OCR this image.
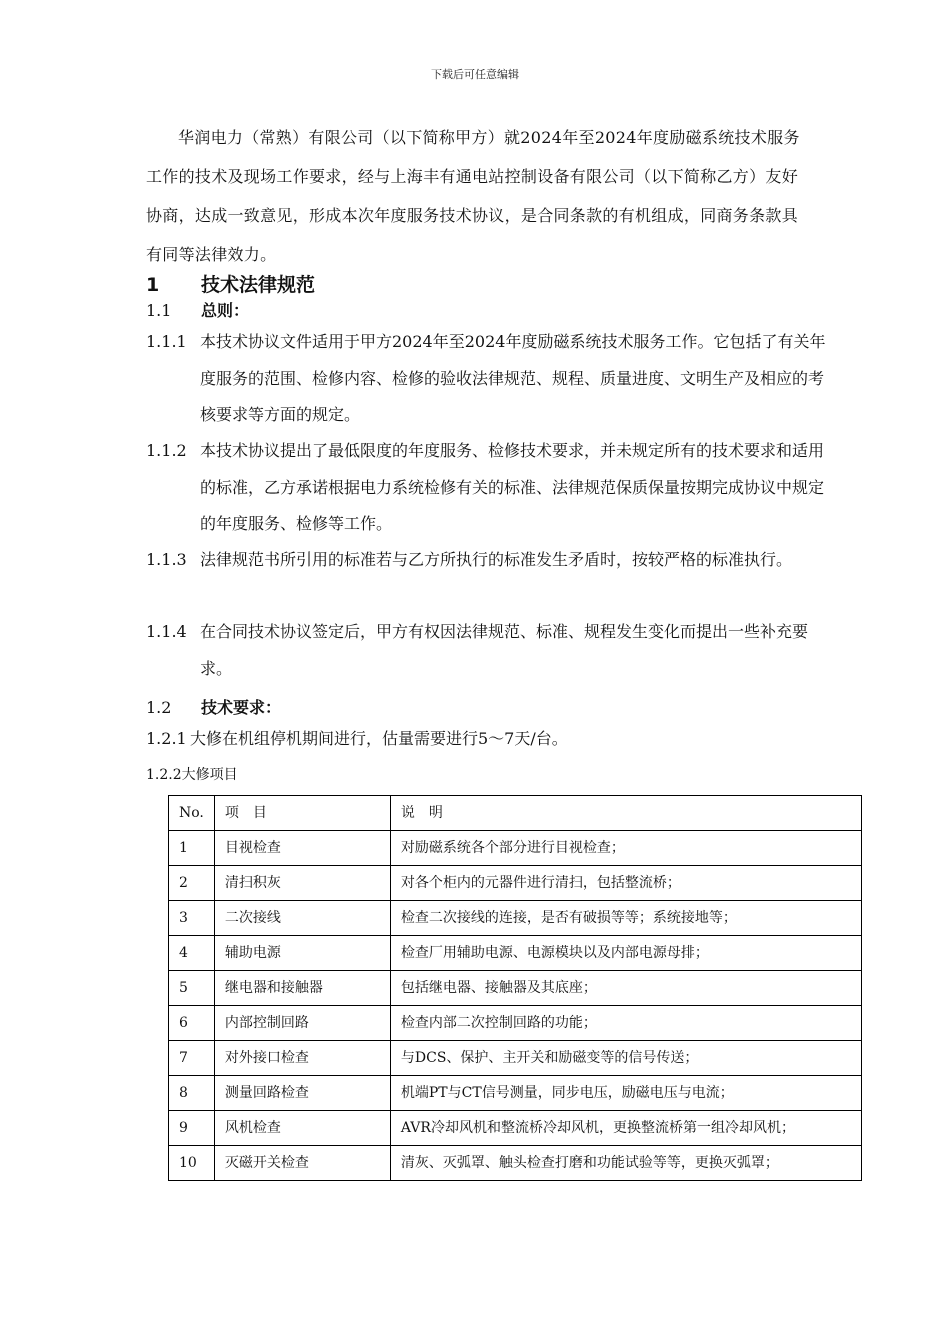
下载后可任意编辑

华润电力（常熟）有限公司（以下简称甲方）就2024年至2024年度励磁系统技术服务工作的技术及现场工作要求，经与上海丰有通电站控制设备有限公司（以下简称乙方）友好协商，达成一致意见，形成本次年度服务技术协议，是合同条款的有机组成，同商务条款具有同等法律效力。

1 技术法律规范
1.1 总则：
1.1.1 本技术协议文件适用于甲方2024年至2024年度励磁系统技术服务工作。它包括了有关年度服务的范围、检修内容、检修的验收法律规范、规程、质量进度、文明生产及相应的考核要求等方面的规定。
1.1.2 本技术协议提出了最低限度的年度服务、检修技术要求，并未规定所有的技术要求和适用的标准，乙方承诺根据电力系统检修有关的标准、法律规范保质保量按期完成协议中规定的年度服务、检修等工作。
1.1.3 法律规范书所引用的标准若与乙方所执行的标准发生矛盾时，按较严格的标准执行。
1.1.4 在合同技术协议签定后，甲方有权因法律规范、标准、规程发生变化而提出一些补充要求。
1.2 技术要求：
1.2.1 大修在机组停机期间进行，估量需要进行5～7天/台。
1.2.2大修项目
No.	项　目	说　明
1	目视检查	对励磁系统各个部分进行目视检查；
2	清扫积灰	对各个柜内的元器件进行清扫，包括整流桥；
3	二次接线	检查二次接线的连接，是否有破损等等；系统接地等；
4	辅助电源	检查厂用辅助电源、电源模块以及内部电源母排；
5	继电器和接触器	包括继电器、接触器及其底座；
6	内部控制回路	检查内部二次控制回路的功能；
7	对外接口检查	与DCS、保护、主开关和励磁变等的信号传送；
8	测量回路检查	机端PT与CT信号测量，同步电压，励磁电压与电流；
9	风机检查	AVR冷却风机和整流桥冷却风机，更换整流桥第一组冷却风机；
10	灭磁开关检查	清灰、灭弧罩、触头检查打磨和功能试验等等，更换灭弧罩；
